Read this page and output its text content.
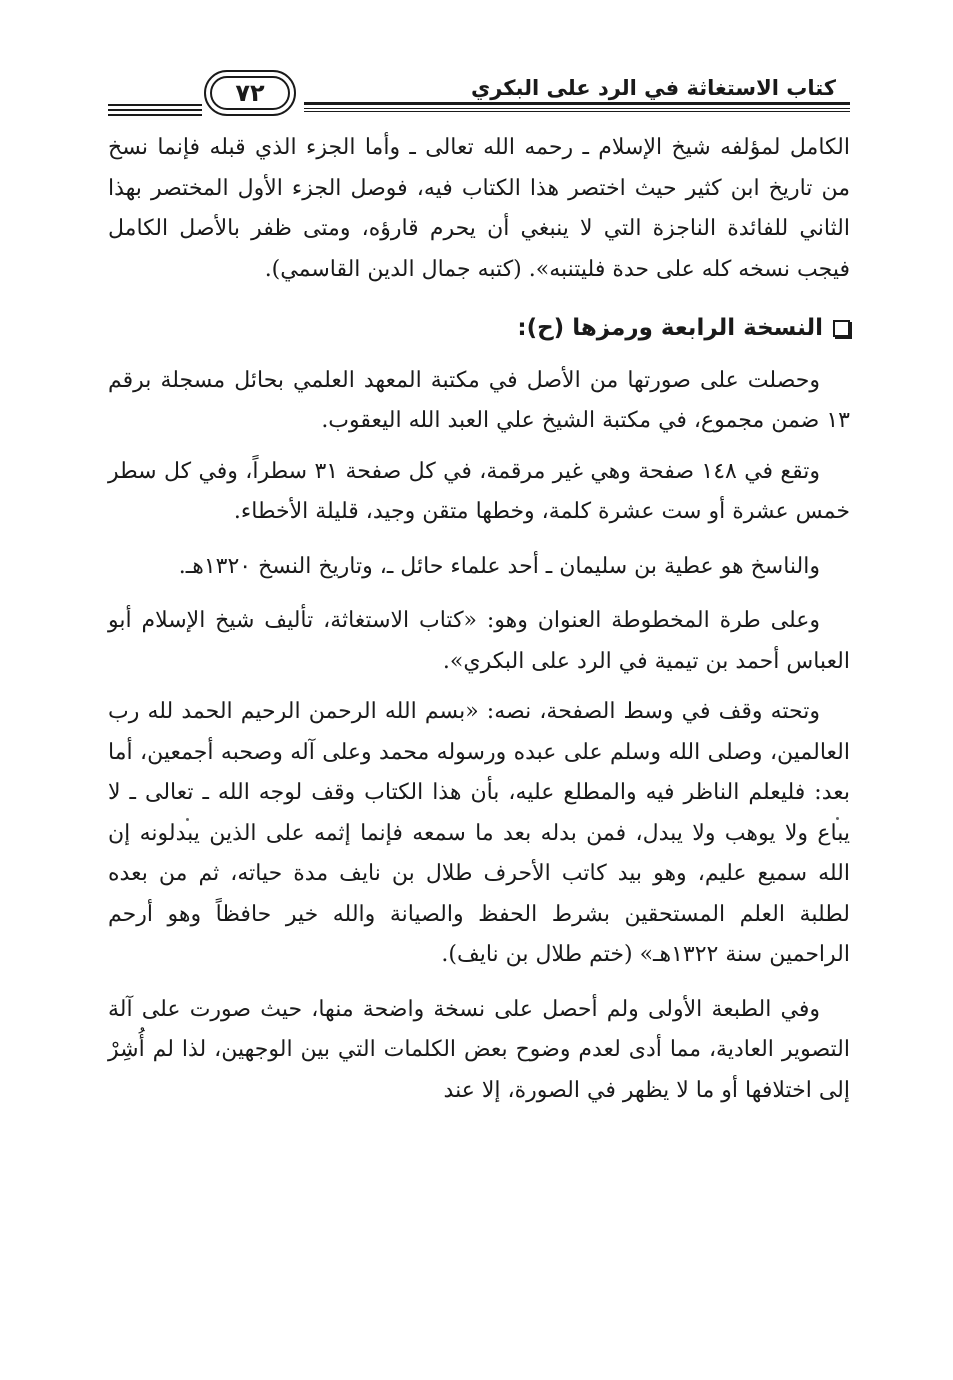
٧٢	كتاب الاستغاثة في الرد على البكري

الكامل لمؤلفه شيخ الإسلام ـ رحمه الله تعالى ـ وأما الجزء الذي قبله فإنما نسخ من تاريخ ابن كثير حيث اختصر هذا الكتاب فيه، فوصل الجزء الأول المختصر بهذا الثاني للفائدة الناجزة التي لا ينبغي أن يحرم قارؤه، ومتى ظفر بالأصل الكامل فيجب نسخه كله على حدة فليتنبه». (كتبه جمال الدين القاسمي).

النسخة الرابعة ورمزها (ح):

وحصلت على صورتها من الأصل في مكتبة المعهد العلمي بحائل مسجلة برقم ١٣ ضمن مجموع، في مكتبة الشيخ علي العبد الله اليعقوب.

وتقع في ١٤٨ صفحة وهي غير مرقمة، في كل صفحة ٣١ سطراً، وفي كل سطر خمس عشرة أو ست عشرة كلمة، وخطها متقن وجيد، قليلة الأخطاء.

والناسخ هو عطية بن سليمان ـ أحد علماء حائل ـ، وتاريخ النسخ ١٣٢٠هـ.

وعلى طرة المخطوطة العنوان وهو: «كتاب الاستغاثة، تأليف شيخ الإسلام أبو العباس أحمد بن تيمية في الرد على البكري».

وتحته وقف في وسط الصفحة، نصه: «بسم الله الرحمن الرحيم الحمد لله رب العالمين، وصلى الله وسلم على عبده ورسوله محمد وعلى آله وصحبه أجمعين، أما بعد: فليعلم الناظر فيه والمطلع عليه، بأن هذا الكتاب وقف لوجه الله ـ تعالى ـ لا يباع ولا يوهب ولا يبدل، فمن بدله بعد ما سمعه فإنما إثمه على الذين يبدلونه إن الله سميع عليم، وهو بيد كاتب الأحرف طلال بن نايف مدة حياته، ثم من بعده لطلبة العلم المستحقين بشرط الحفظ والصيانة والله خير حافظاً وهو أرحم الراحمين سنة ١٣٢٢هـ» (ختم طلال بن نايف).

وفي الطبعة الأولى ولم أحصل على نسخة واضحة منها، حيث صورت على آلة التصوير العادية، مما أدى لعدم وضوح بعض الكلمات التي بين الوجهين، لذا لم أُشِرْ إلى اختلافها أو ما لا يظهر في الصورة، إلا عند
